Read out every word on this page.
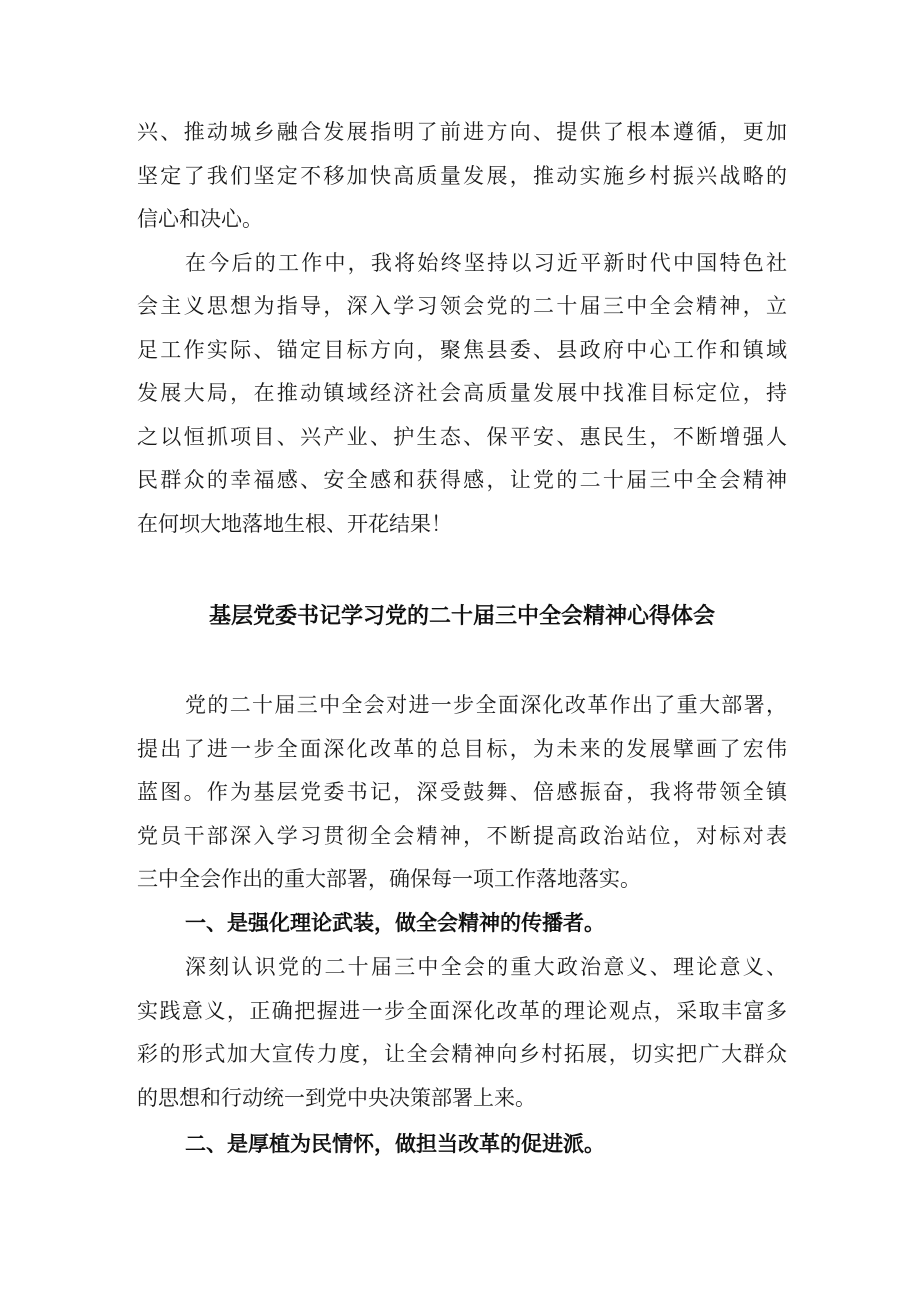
兴、推动城乡融合发展指明了前进方向、提供了根本遵循，更加
坚定了我们坚定不移加快高质量发展，推动实施乡村振兴战略的
信心和决心。
在今后的工作中，我将始终坚持以习近平新时代中国特色社
会主义思想为指导，深入学习领会党的二十届三中全会精神，立
足工作实际、锚定目标方向，聚焦县委、县政府中心工作和镇域
发展大局，在推动镇域经济社会高质量发展中找准目标定位，持
之以恒抓项目、兴产业、护生态、保平安、惠民生，不断增强人
民群众的幸福感、安全感和获得感，让党的二十届三中全会精神
在何坝大地落地生根、开花结果！
基层党委书记学习党的二十届三中全会精神心得体会
党的二十届三中全会对进一步全面深化改革作出了重大部署，
提出了进一步全面深化改革的总目标，为未来的发展擘画了宏伟
蓝图。作为基层党委书记，深受鼓舞、倍感振奋，我将带领全镇
党员干部深入学习贯彻全会精神，不断提高政治站位，对标对表
三中全会作出的重大部署，确保每一项工作落地落实。
一、是强化理论武装，做全会精神的传播者。
深刻认识党的二十届三中全会的重大政治意义、理论意义、
实践意义，正确把握进一步全面深化改革的理论观点，采取丰富多
彩的形式加大宣传力度，让全会精神向乡村拓展，切实把广大群众
的思想和行动统一到党中央决策部署上来。
二、是厚植为民情怀，做担当改革的促进派。
